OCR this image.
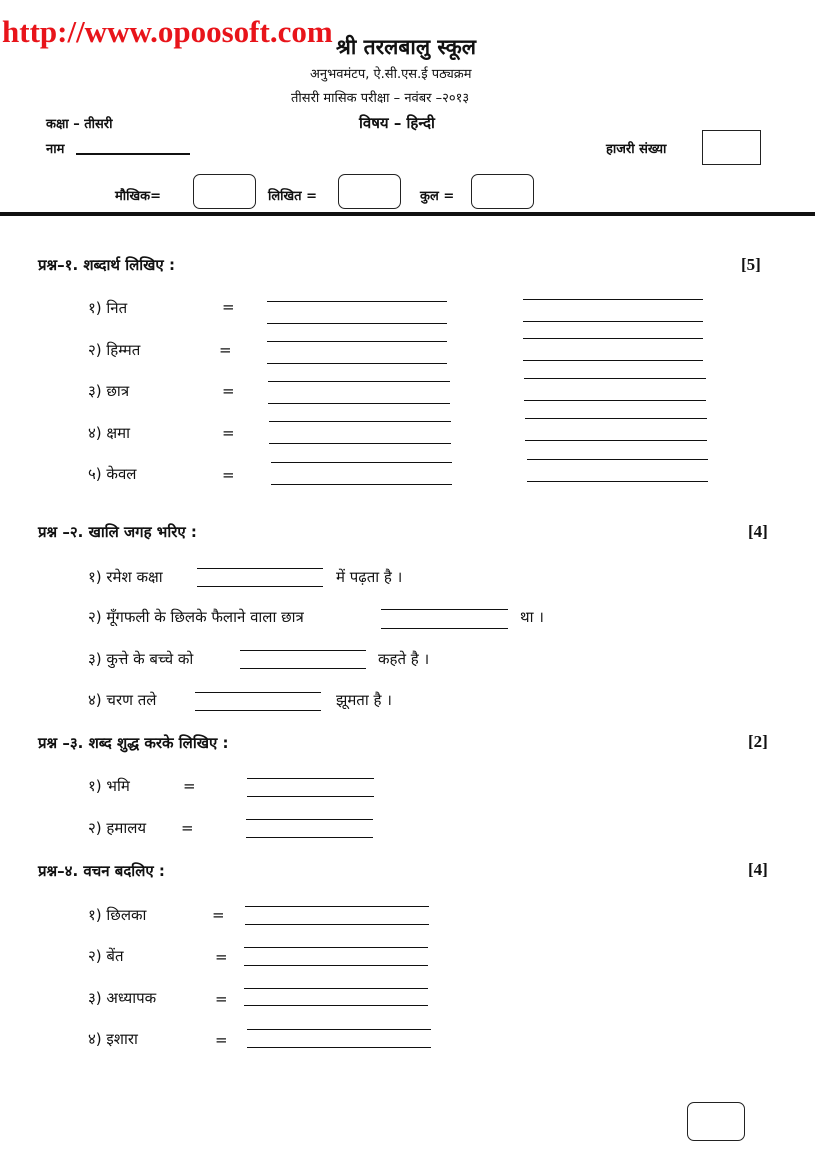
श्री तरलबालु स्कूल
http://www.opoosoft.com
अनुभवमंटप, ऐ.सी.एस.ई पठ्यक्रम
तीसरी मासिक परीक्षा – नवंबर –२०१३
कक्षा – तीसरी	विषय – हिन्दी
नाम	हाजरी संख्या
मौखिक=	लिखित =	कुल =
प्रश्न–१. शब्दार्थ लिखिए :	[5]
१) नित	=
२) हिम्मत	=
३) छात्र	=
४) क्षमा	=
५) केवल	=
प्रश्न –२. खालि जगह भरिए :	[4]
१) रमेश कक्षा	में पढ़ता है ।
२) मूँगफली के छिलके फैलाने वाला छात्र	था ।
३) कुत्ते के बच्चे को	कहते है ।
४) चरण तले	झूमता है ।
प्रश्न –३. शब्द शुद्ध करके लिखिए :	[2]
१) भमि	=
२) हमालय =
प्रश्न–४. वचन बदलिए :	[4]
१) छिलका	=
२) बेंत	=
३) अध्यापक	=
४) इशारा	=
